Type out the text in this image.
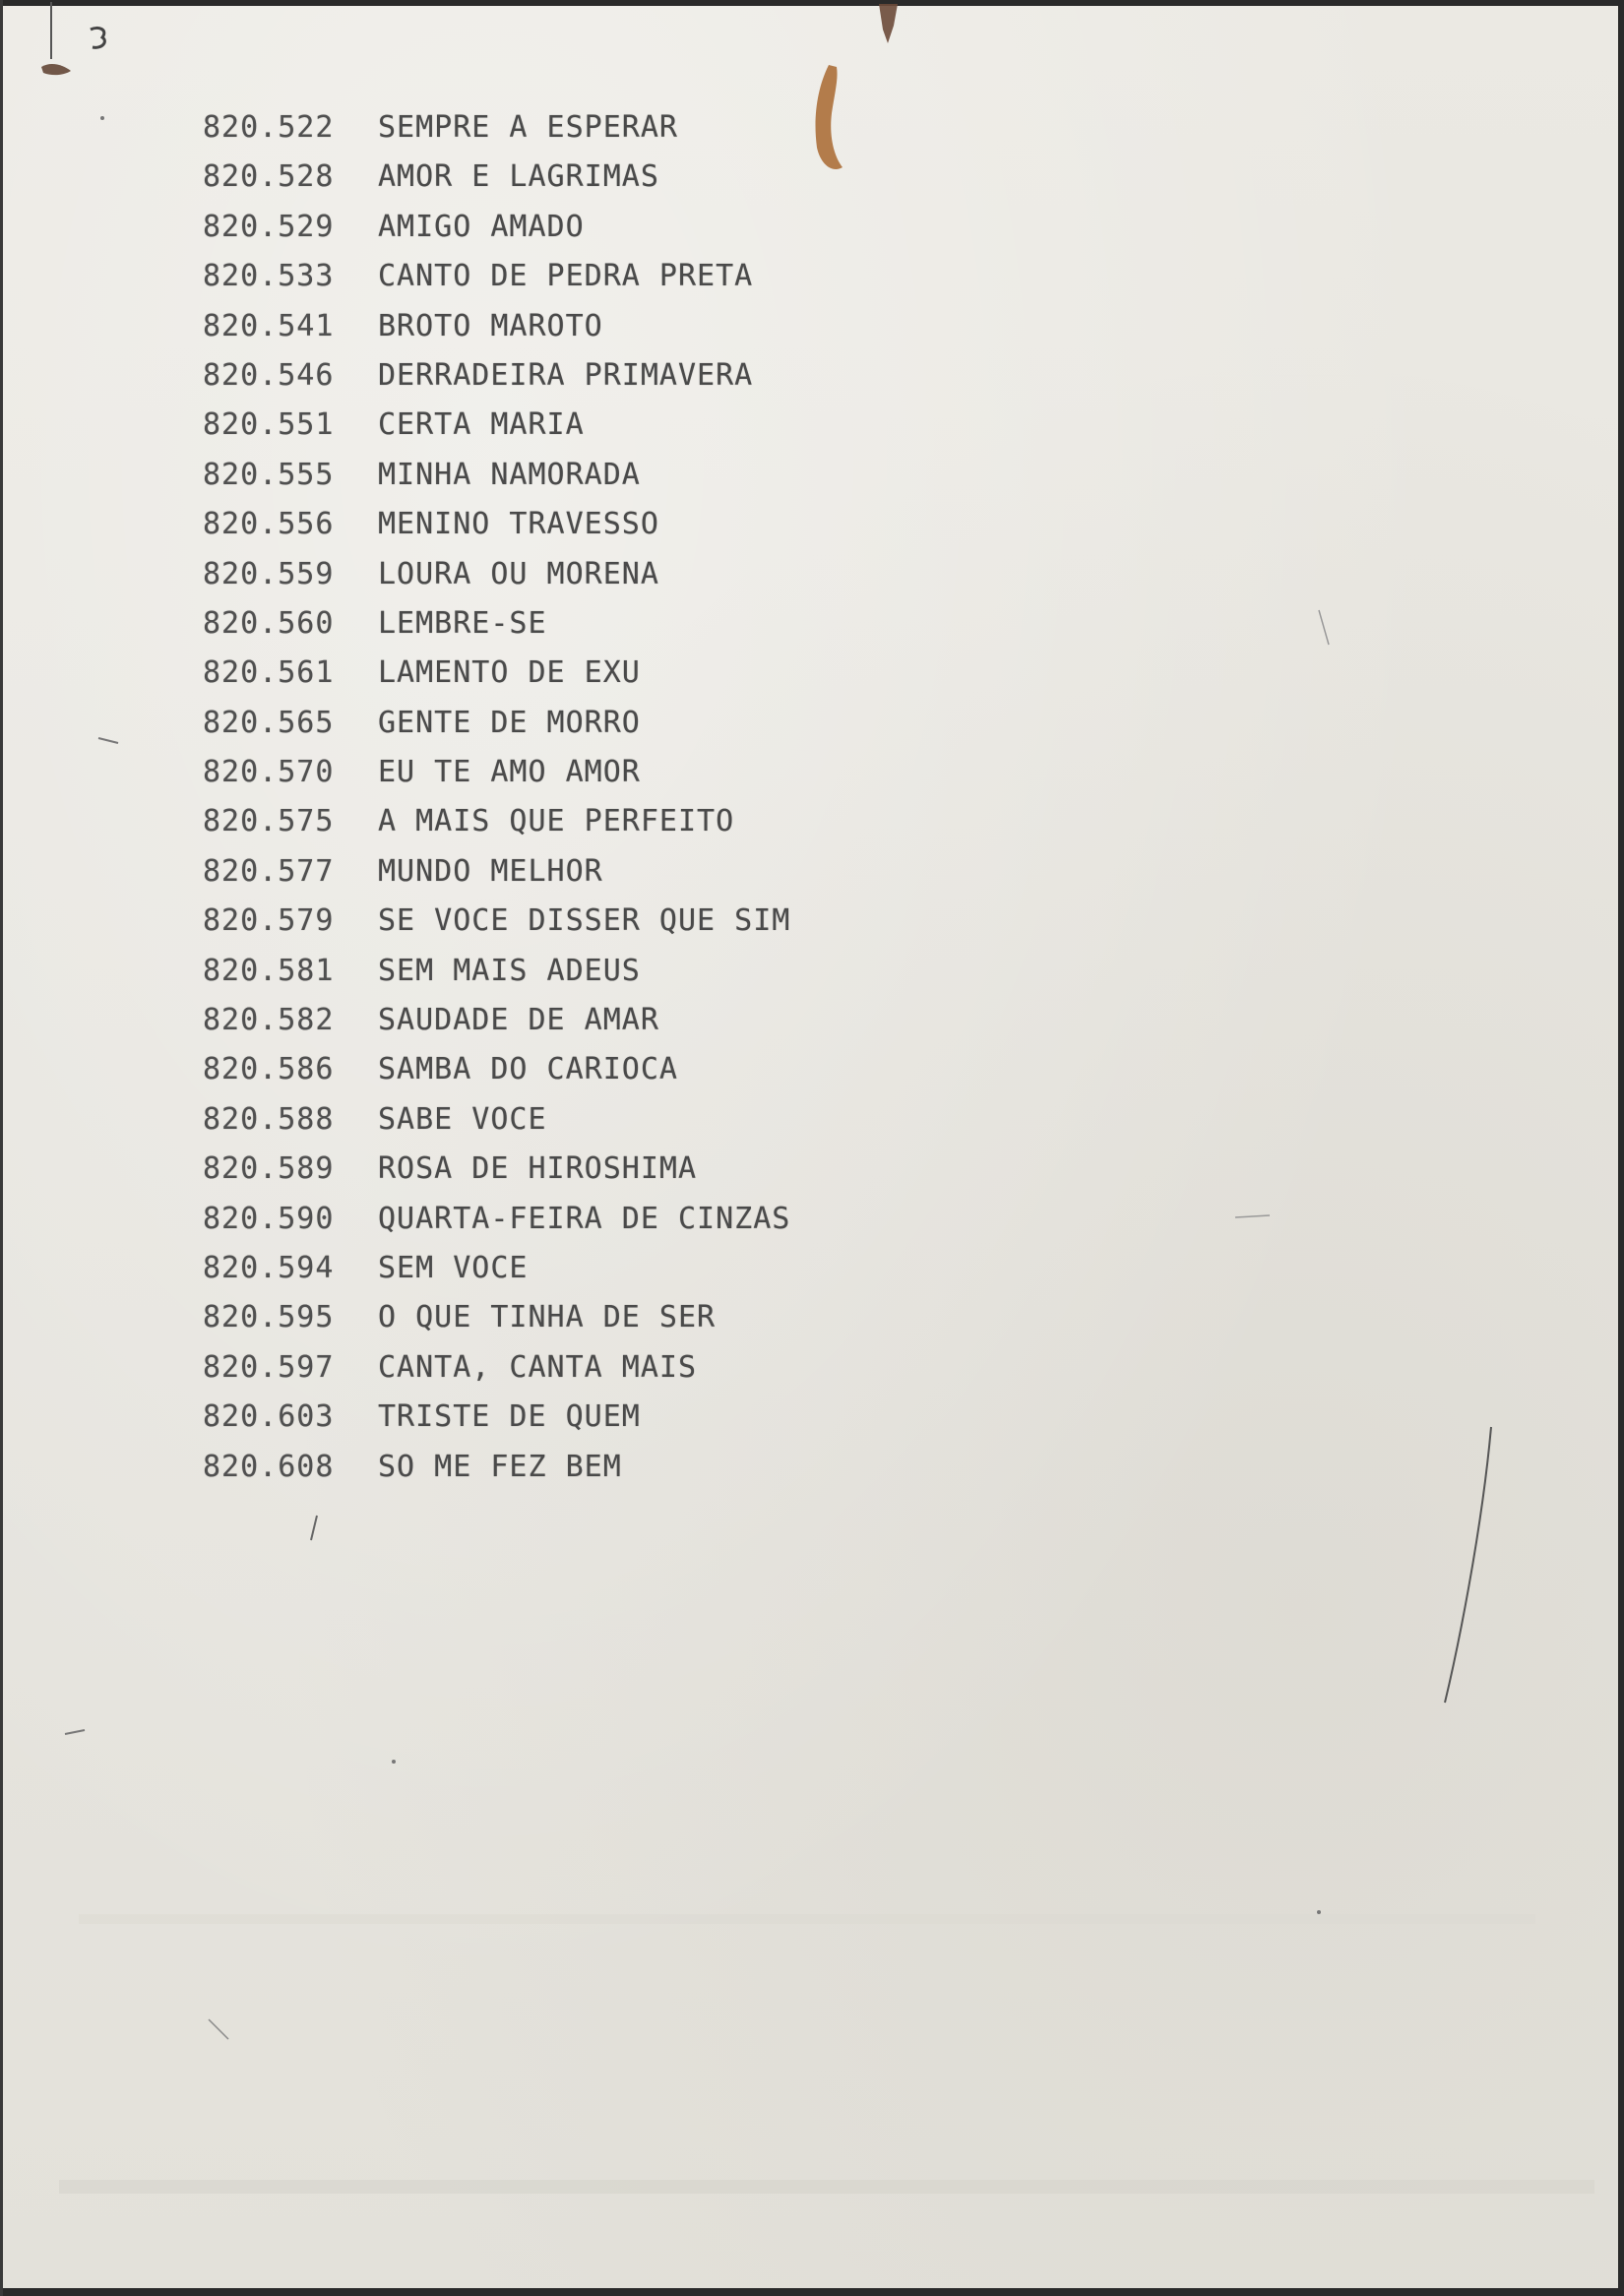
820.522	SEMPRE A ESPERAR
820.528	AMOR E LAGRIMAS
820.529	AMIGO AMADO
820.533	CANTO DE PEDRA PRETA
820.541	BROTO MAROTO
820.546	DERRADEIRA PRIMAVERA
820.551	CERTA MARIA
820.555	MINHA NAMORADA
820.556	MENINO TRAVESSO
820.559	LOURA OU MORENA
820.560	LEMBRE-SE
820.561	LAMENTO DE EXU
820.565	GENTE DE MORRO
820.570	EU TE AMO AMOR
820.575	A MAIS QUE PERFEITO
820.577	MUNDO MELHOR
820.579	SE VOCE DISSER QUE SIM
820.581	SEM MAIS ADEUS
820.582	SAUDADE DE AMAR
820.586	SAMBA DO CARIOCA
820.588	SABE VOCE
820.589	ROSA DE HIROSHIMA
820.590	QUARTA-FEIRA DE CINZAS
820.594	SEM VOCE
820.595	O QUE TINHA DE SER
820.597	CANTA, CANTA MAIS
820.603	TRISTE DE QUEM
820.608	SO ME FEZ BEM
